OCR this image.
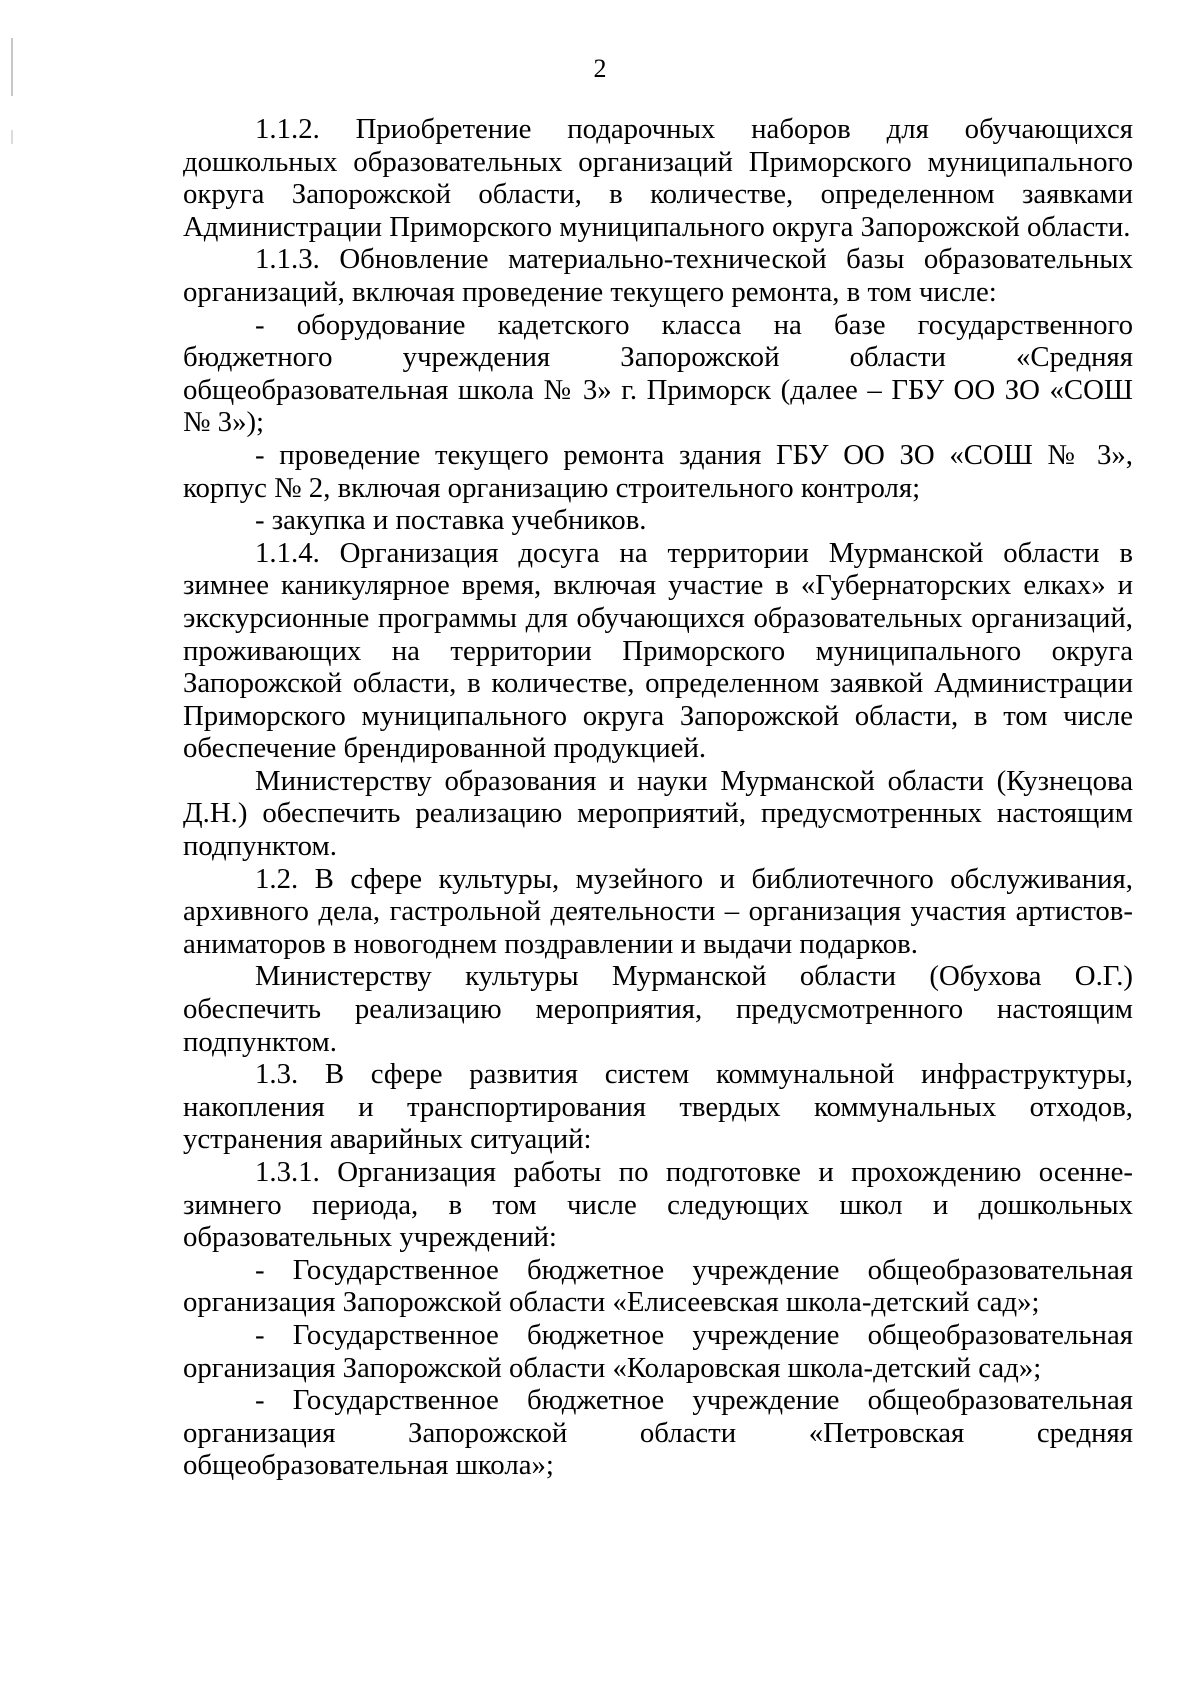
2

1.1.2. Приобретение подарочных наборов для обучающихся дошкольных образовательных организаций Приморского муниципального округа Запорожской области, в количестве, определенном заявками Администрации Приморского муниципального округа Запорожской области.

1.1.3. Обновление материально-технической базы образовательных организаций, включая проведение текущего ремонта, в том числе:

- оборудование кадетского класса на базе государственного бюджетного учреждения Запорожской области «Средняя общеобразовательная школа № 3» г. Приморск (далее – ГБУ ОО ЗО «СОШ № 3»);

- проведение текущего ремонта здания ГБУ ОО ЗО «СОШ № 3», корпус № 2, включая организацию строительного контроля;

- закупка и поставка учебников.

1.1.4. Организация досуга на территории Мурманской области в зимнее каникулярное время, включая участие в «Губернаторских елках» и экскурсионные программы для обучающихся образовательных организаций, проживающих на территории Приморского муниципального округа Запорожской области, в количестве, определенном заявкой Администрации Приморского муниципального округа Запорожской области, в том числе обеспечение брендированной продукцией.

Министерству образования и науки Мурманской области (Кузнецова Д.Н.) обеспечить реализацию мероприятий, предусмотренных настоящим подпунктом.

1.2. В сфере культуры, музейного и библиотечного обслуживания, архивного дела, гастрольной деятельности – организация участия артистов-аниматоров в новогоднем поздравлении и выдачи подарков.

Министерству культуры Мурманской области (Обухова О.Г.) обеспечить реализацию мероприятия, предусмотренного настоящим подпунктом.

1.3. В сфере развития систем коммунальной инфраструктуры, накопления и транспортирования твердых коммунальных отходов, устранения аварийных ситуаций:

1.3.1. Организация работы по подготовке и прохождению осенне-зимнего периода, в том числе следующих школ и дошкольных образовательных учреждений:

- Государственное бюджетное учреждение общеобразовательная организация Запорожской области «Елисеевская школа-детский сад»;

- Государственное бюджетное учреждение общеобразовательная организация Запорожской области «Коларовская школа-детский сад»;

- Государственное бюджетное учреждение общеобразовательная организация Запорожской области «Петровская средняя общеобразовательная школа»;
